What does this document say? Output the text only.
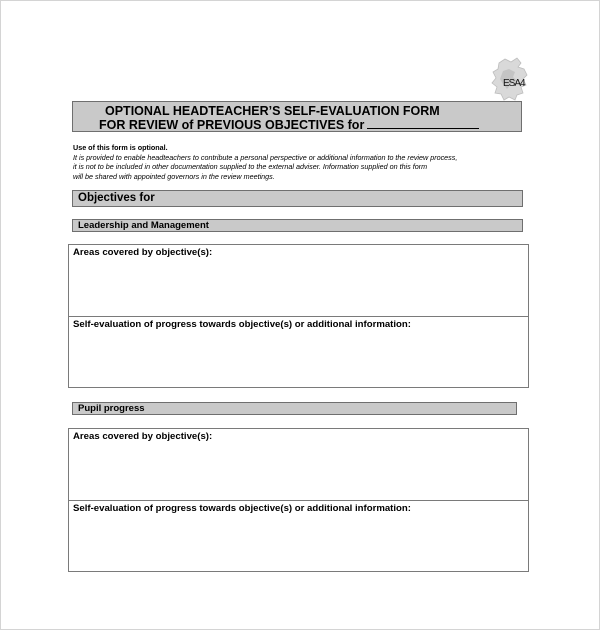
ESA4
OPTIONAL HEADTEACHER’S SELF-EVALUATION FORM
FOR REVIEW of PREVIOUS OBJECTIVES for
Use of this form is optional.
It is provided to enable headteachers to contribute a personal perspective or additional information to the review process,
it is not to be included in other documentation supplied to the external adviser. Information supplied on this form
will be shared with appointed governors in the review meetings.
Objectives for
Leadership and Management
Areas covered by objective(s):
Self-evaluation of progress towards objective(s) or additional information:
Pupil progress
Areas covered by objective(s):
Self-evaluation of progress towards objective(s) or additional information:
